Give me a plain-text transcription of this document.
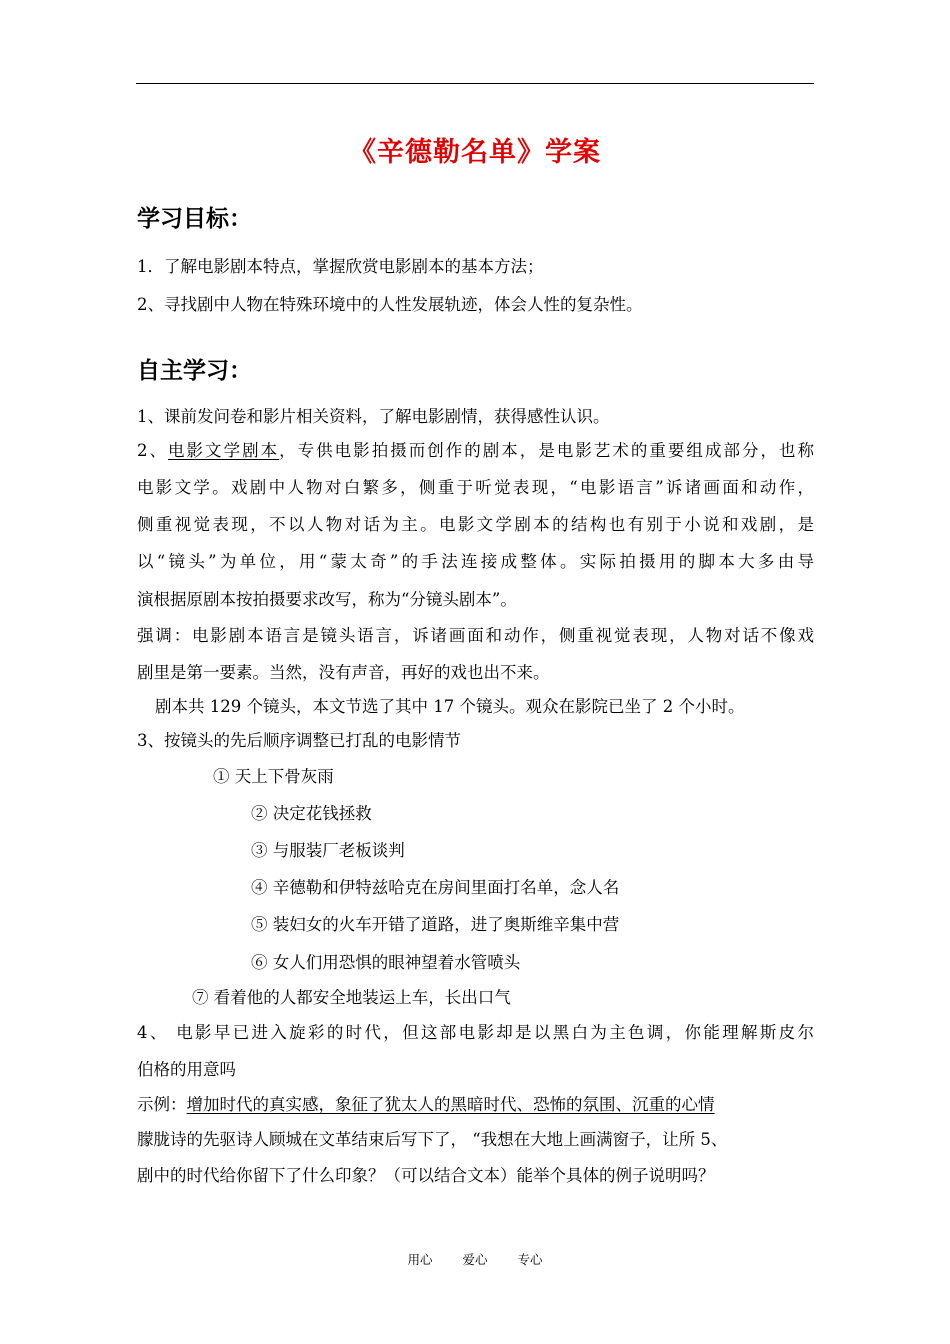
《辛德勒名单》学案
学习目标：
1．了解电影剧本特点，掌握欣赏电影剧本的基本方法；
2、寻找剧中人物在特殊环境中的人性发展轨迹，体会人性的复杂性。
自主学习：
1、课前发问卷和影片相关资料，了解电影剧情，获得感性认识。
2、电影文学剧本，专供电影拍摄而创作的剧本，是电影艺术的重要组成部分，也称
电影文学。戏剧中人物对白繁多，侧重于听觉表现，“电影语言”诉诸画面和动作，
侧重视觉表现，不以人物对话为主。电影文学剧本的结构也有别于小说和戏剧，是
以“镜头”为单位，用“蒙太奇”的手法连接成整体。实际拍摄用的脚本大多由导
演根据原剧本按拍摄要求改写，称为“分镜头剧本”。
强调：电影剧本语言是镜头语言，诉诸画面和动作，侧重视觉表现，人物对话不像戏
剧里是第一要素。当然，没有声音，再好的戏也出不来。
剧本共 129 个镜头，本文节选了其中 17 个镜头。观众在影院已坐了 2 个小时。
3、按镜头的先后顺序调整已打乱的电影情节
① 天上下骨灰雨
② 决定花钱拯救
③ 与服装厂老板谈判
④ 辛德勒和伊特兹哈克在房间里面打名单，念人名
⑤ 装妇女的火车开错了道路，进了奥斯维辛集中营
⑥ 女人们用恐惧的眼神望着水管喷头
⑦ 看着他的人都安全地装运上车，长出口气
4、 电影早已进入旋彩的时代，但这部电影却是以黑白为主色调，你能理解斯皮尔
伯格的用意吗
示例：增加时代的真实感，象征了犹太人的黑暗时代、恐怖的氛围、沉重的心情
朦胧诗的先驱诗人顾城在文革结束后写下了， “我想在大地上画满窗子，让所 5、
剧中的时代给你留下了什么印象？（可以结合文本）能举个具体的例子说明吗？
用心 爱心 专心
